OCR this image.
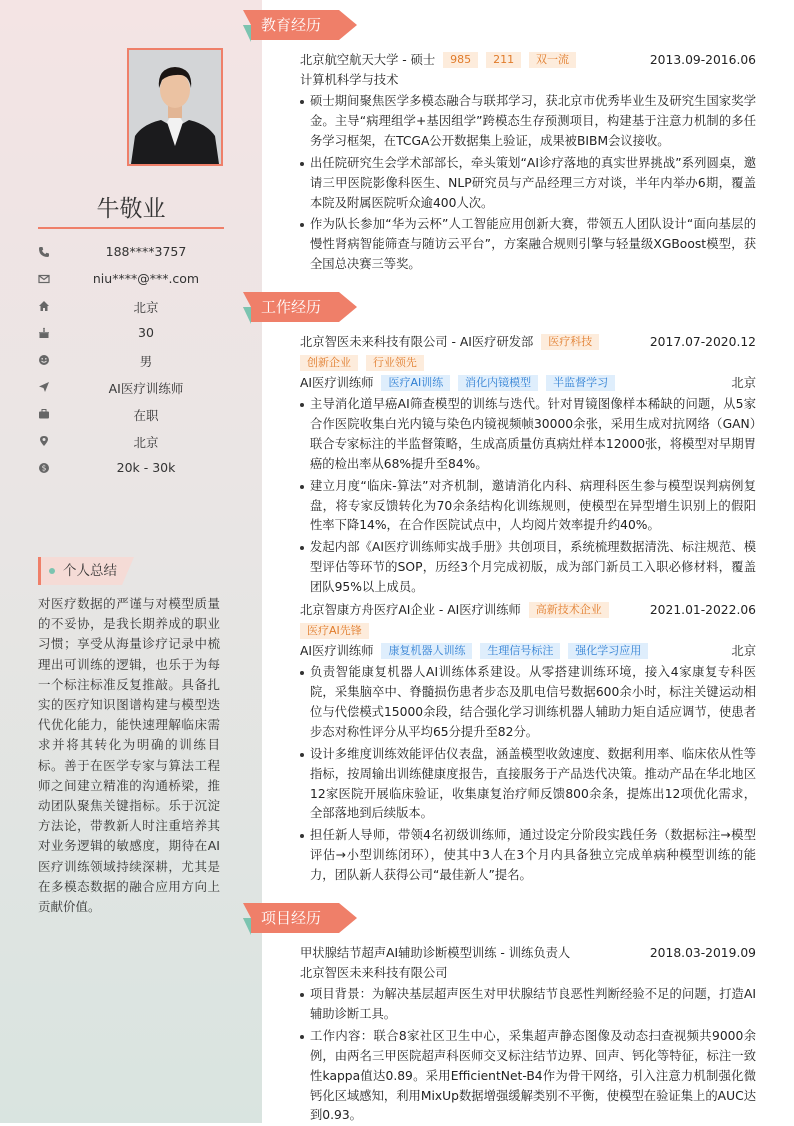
牛敬业
188****3757
niu****@***.com
北京
30
男
AI医疗训练师
在职
北京
$	20k - 30k
个人总结
对医疗数据的严谨与对模型质量的不妥协，是我长期养成的职业习惯；享受从海量诊疗记录中梳理出可训练的逻辑，也乐于为每一个标注标准反复推敲。具备扎实的医疗知识图谱构建与模型迭代优化能力，能快速理解临床需求并将其转化为明确的训练目标。善于在医学专家与算法工程师之间建立精准的沟通桥梁，推动团队聚焦关键指标。乐于沉淀方法论，带教新人时注重培养其对业务逻辑的敏感度，期待在AI医疗训练领域持续深耕，尤其是在多模态数据的融合应用方向上贡献价值。
教育经历
北京航空航天大学 - 硕士 985 211 双一流	2013.09-2016.06
计算机科学与技术
硕士期间聚焦医学多模态融合与联邦学习，获北京市优秀毕业生及研究生国家奖学金。主导“病理组学+基因组学”跨模态生存预测项目，构建基于注意力机制的多任务学习框架，在TCGA公开数据集上验证，成果被BIBM会议接收。
出任院研究生会学术部部长，牵头策划“AI诊疗落地的真实世界挑战”系列圆桌，邀请三甲医院影像科医生、NLP研究员与产品经理三方对谈，半年内举办6期，覆盖本院及附属医院听众逾400人次。
作为队长参加“华为云杯”人工智能应用创新大赛，带领五人团队设计“面向基层的慢性肾病智能筛查与随访云平台”，方案融合规则引擎与轻量级XGBoost模型，获全国总决赛三等奖。
工作经历
北京智医未来科技有限公司 - AI医疗研发部 医疗科技	2017.07-2020.12
创新企业 行业领先
AI医疗训练师 医疗AI训练 消化内镜模型 半监督学习	北京
主导消化道早癌AI筛查模型的训练与迭代。针对胃镜图像样本稀缺的问题，从5家合作医院收集白光内镜与染色内镜视频帧30000余张，采用生成对抗网络（GAN）联合专家标注的半监督策略，生成高质量仿真病灶样本12000张，将模型对早期胃癌的检出率从68%提升至84%。
建立月度“临床-算法”对齐机制，邀请消化内科、病理科医生参与模型误判病例复盘，将专家反馈转化为70余条结构化训练规则，使模型在异型增生识别上的假阳性率下降14%，在合作医院试点中，人均阅片效率提升约40%。
发起内部《AI医疗训练师实战手册》共创项目，系统梳理数据清洗、标注规范、模型评估等环节的SOP，历经3个月完成初版，成为部门新员工入职必修材料，覆盖团队95%以上成员。
北京智康方舟医疗AI企业 - AI医疗训练师 高新技术企业	2021.01-2022.06
医疗AI先锋
AI医疗训练师 康复机器人训练 生理信号标注 强化学习应用	北京
负责智能康复机器人AI训练体系建设。从零搭建训练环境，接入4家康复专科医院，采集脑卒中、脊髓损伤患者步态及肌电信号数据600余小时，标注关键运动相位与代偿模式15000余段，结合强化学习训练机器人辅助力矩自适应调节，使患者步态对称性评分从平均65分提升至82分。
设计多维度训练效能评估仪表盘，涵盖模型收敛速度、数据利用率、临床依从性等指标，按周输出训练健康度报告，直接服务于产品迭代决策。推动产品在华北地区12家医院开展临床验证，收集康复治疗师反馈800余条，提炼出12项优化需求，全部落地到后续版本。
担任新人导师，带领4名初级训练师，通过设定分阶段实践任务（数据标注→模型评估→小型训练闭环），使其中3人在3个月内具备独立完成单病种模型训练的能力，团队新人获得公司“最佳新人”提名。
项目经历
甲状腺结节超声AI辅助诊断模型训练 - 训练负责人	2018.03-2019.09
北京智医未来科技有限公司
项目背景：为解决基层超声医生对甲状腺结节良恶性判断经验不足的问题，打造AI辅助诊断工具。
工作内容：联合8家社区卫生中心，采集超声静态图像及动态扫查视频共9000余例，由两名三甲医院超声科医师交叉标注结节边界、回声、钙化等特征，标注一致性kappa值达0.89。采用EfficientNet-B4作为骨干网络，引入注意力机制强化微钙化区域感知，利用MixUp数据增强缓解类别不平衡，使模型在验证集上的AUC达到0.93。
